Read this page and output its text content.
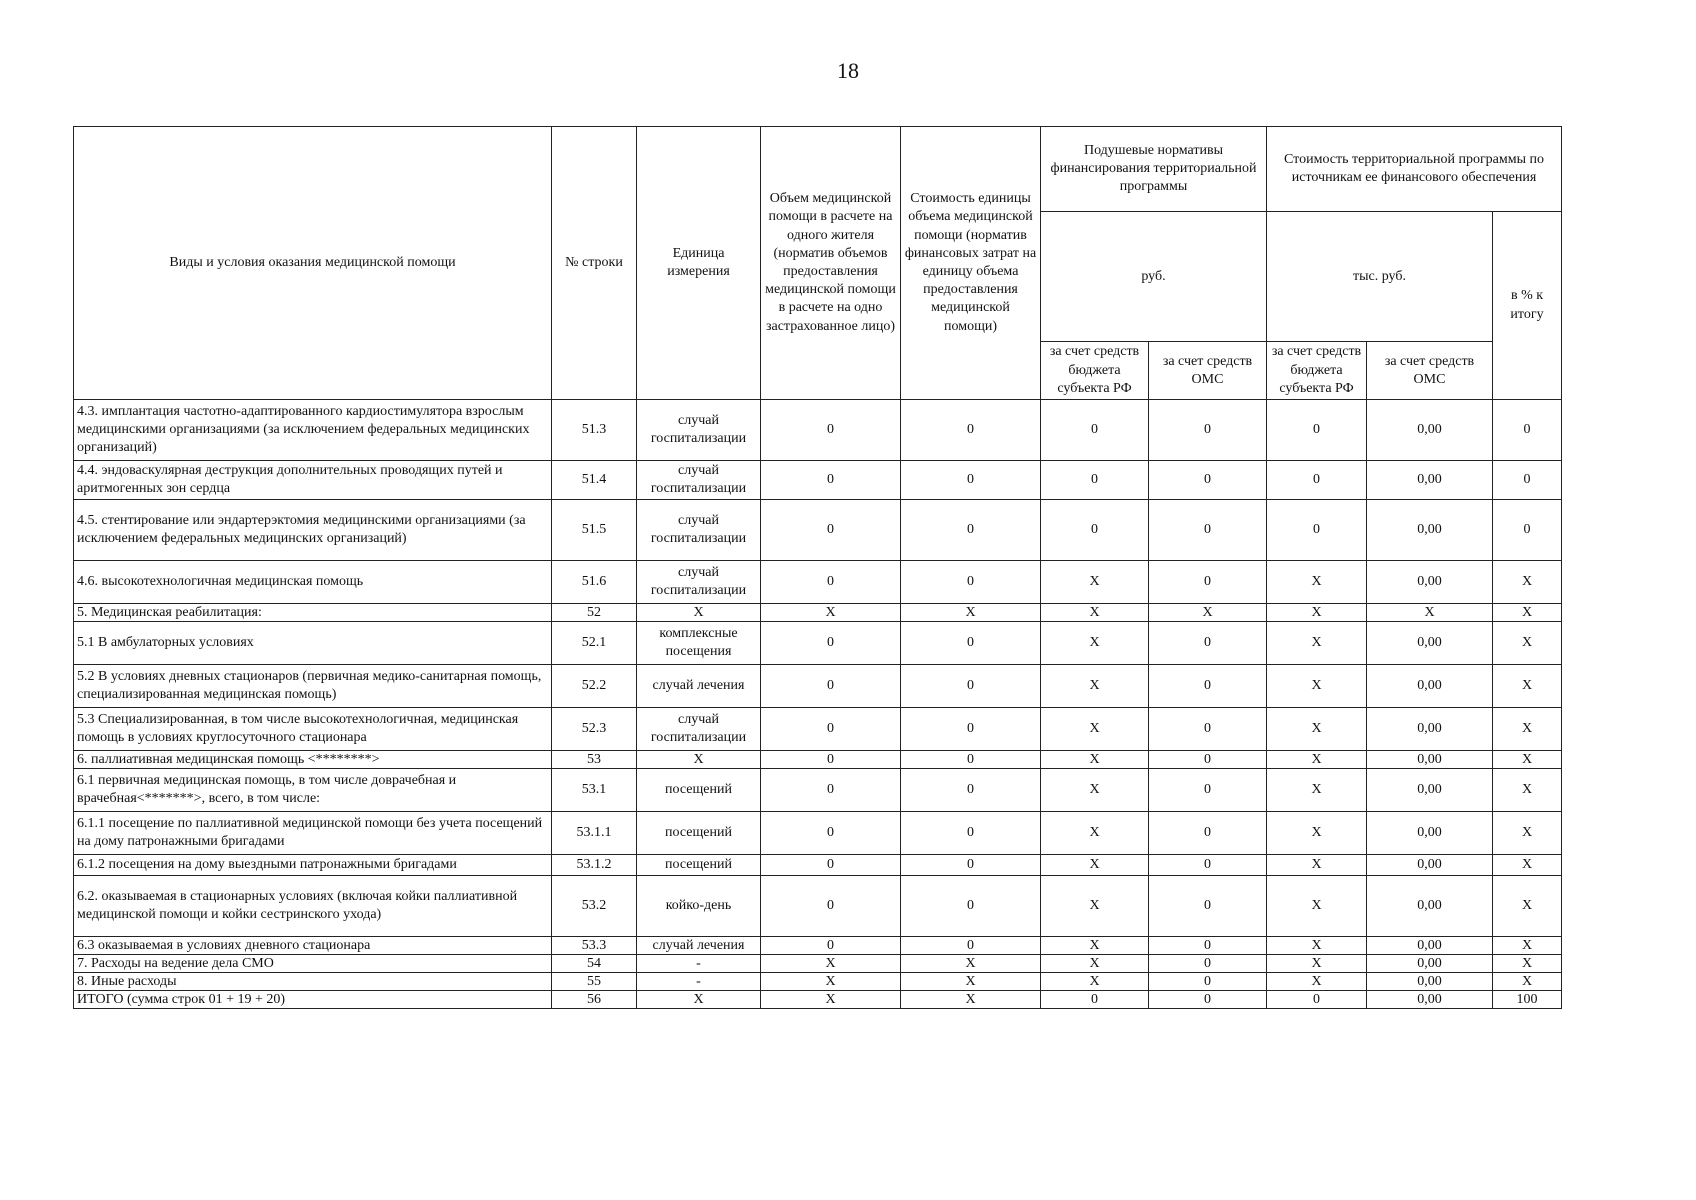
18
Виды и условия оказания медицинской помощи	№ строки	Единица измерения	Объем медицинской помощи в расчете на одного жителя (норматив объемов предоставления медицинской помощи в расчете на одно застрахованное лицо)	Стоимость единицы объема медицинской помощи (норматив финансовых затрат на единицу объема предоставления медицинской помощи)	Подушевые нормативы финансирования территориальной программы		Стоимость территориальной программы по источникам ее финансового обеспечения		
					руб.		тыс. руб.		в % к итогу
					за счет средств бюджета субъекта РФ	за счет средств ОМС	за счет средств бюджета субъекта РФ	за счет средств ОМС	
4.3. имплантация частотно-адаптированного кардиостимулятора взрослым медицинскими организациями (за исключением федеральных медицинских организаций)	51.3	случай госпитализации	0	0	0	0	0	0,00	0
4.4. эндоваскулярная деструкция дополнительных проводящих путей и аритмогенных зон сердца	51.4	случай госпитализации	0	0	0	0	0	0,00	0
4.5. стентирование или эндартерэктомия медицинскими организациями (за исключением федеральных медицинских организаций)	51.5	случай госпитализации	0	0	0	0	0	0,00	0
4.6. высокотехнологичная медицинская помощь	51.6	случай госпитализации	0	0	X	0	X	0,00	X
5. Медицинская реабилитация:	52	X	X	X	X	X	X	X	X
5.1 В амбулаторных условиях	52.1	комплексные посещения	0	0	X	0	X	0,00	X
5.2 В условиях дневных стационаров (первичная медико-санитарная помощь, специализированная медицинская помощь)	52.2	случай лечения	0	0	X	0	X	0,00	X
5.3 Специализированная, в том числе высокотехнологичная, медицинская помощь в условиях круглосуточного стационара	52.3	случай госпитализации	0	0	X	0	X	0,00	X
6. паллиативная медицинская помощь <********>	53	X	0	0	X	0	X	0,00	X
6.1 первичная медицинская помощь, в том числе доврачебная и врачебная<*******>, всего, в том числе:	53.1	посещений	0	0	X	0	X	0,00	X
6.1.1 посещение по паллиативной медицинской помощи без учета посещений на дому патронажными бригадами	53.1.1	посещений	0	0	X	0	X	0,00	X
6.1.2 посещения на дому выездными патронажными бригадами	53.1.2	посещений	0	0	X	0	X	0,00	X
6.2. оказываемая в стационарных условиях (включая койки паллиативной медицинской помощи и койки сестринского ухода)	53.2	койко-день	0	0	X	0	X	0,00	X
6.3 оказываемая в условиях дневного стационара	53.3	случай лечения	0	0	X	0	X	0,00	X
7. Расходы на ведение дела СМО	54	-	X	X	X	0	X	0,00	X
8. Иные расходы	55	-	X	X	X	0	X	0,00	X
ИТОГО (сумма строк 01 + 19 + 20)	56	X	X	X	0	0	0	0,00	100
